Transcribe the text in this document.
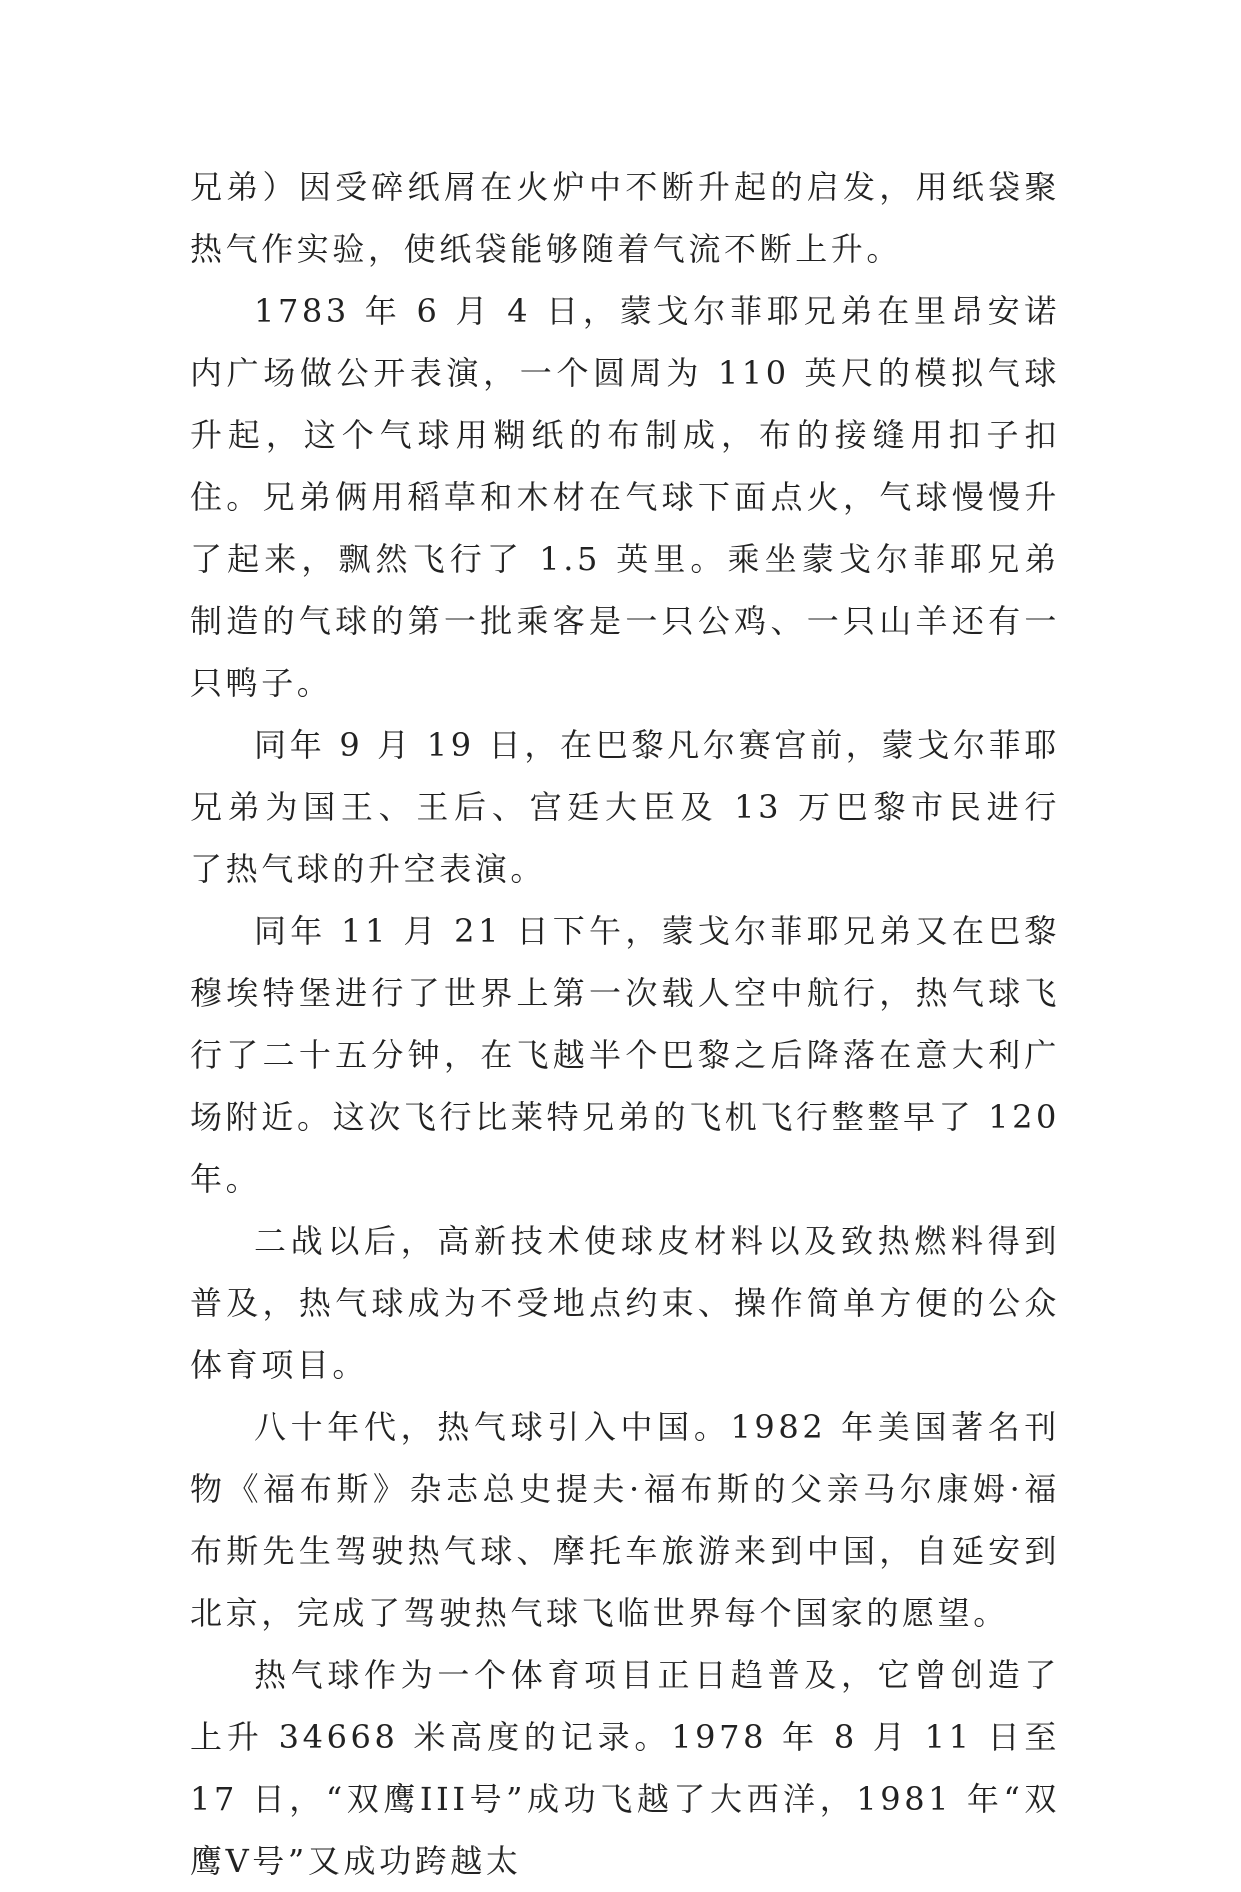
兄弟）因受碎纸屑在火炉中不断升起的启发，用纸袋聚热气作实验，使纸袋能够随着气流不断上升。

1783 年 6 月 4 日，蒙戈尔菲耶兄弟在里昂安诺内广场做公开表演，一个圆周为 110 英尺的模拟气球升起，这个气球用糊纸的布制成，布的接缝用扣子扣住。兄弟俩用稻草和木材在气球下面点火，气球慢慢升了起来，飘然飞行了 1.5 英里。乘坐蒙戈尔菲耶兄弟制造的气球的第一批乘客是一只公鸡、一只山羊还有一只鸭子。

同年 9 月 19 日，在巴黎凡尔赛宫前，蒙戈尔菲耶兄弟为国王、王后、宫廷大臣及 13 万巴黎市民进行 了热气球的升空表演。

同年 11 月 21 日下午，蒙戈尔菲耶兄弟又在巴黎穆埃特堡进行了世界上第一次载人空中航行，热气球飞行了二十五分钟，在飞越半个巴黎之后降落在意大利广场附近。这次飞行比莱特兄弟的飞机飞行整整早了 120 年。

二战以后，高新技术使球皮材料以及致热燃料得到普及，热气球成为不受地点约束、操作简单方便的公众体育项目。

八十年代，热气球引入中国。1982 年美国著名刊物《福布斯》杂志总史提夫·福布斯的父亲马尔康姆·福布斯先生驾驶热气球、摩托车旅游来到中国，自延安到北京，完成了驾驶热气球飞临世界每个国家的愿望。

热气球作为一个体育项目正日趋普及，它曾创造了上升 34668 米高度的记录。1978 年 8 月 11 日至 17 日，“双鹰III号”成功飞越了大西洋，1981 年“双鹰Ⅴ号”又成功跨越太
